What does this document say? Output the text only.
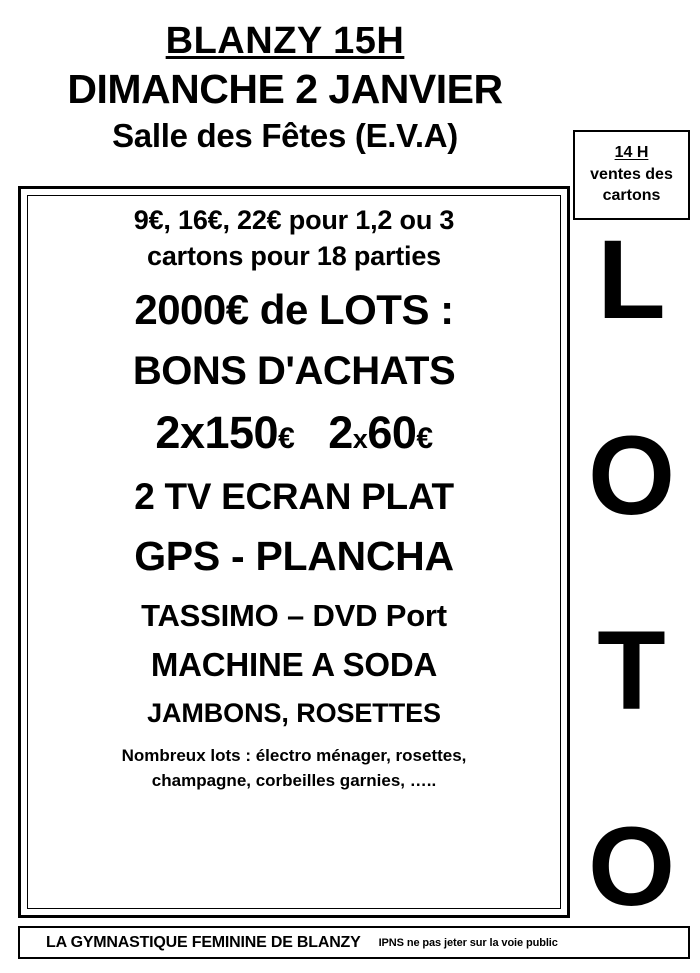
BLANZY 15H
DIMANCHE 2 JANVIER
Salle des Fêtes (E.V.A)	14 H
ventes des
cartons
L
O
T
O
9€, 16€, 22€ pour 1,2 ou 3
cartons pour 18 parties
2000€ de LOTS :
BONS D'ACHATS
2x150€ 2x60€
2 TV ECRAN PLAT
GPS - PLANCHA
TASSIMO – DVD Port
MACHINE A SODA
JAMBONS, ROSETTES
Nombreux lots : électro ménager, rosettes,
champagne, corbeilles garnies, …..
LA GYMNASTIQUE FEMININE DE BLANZY	IPNS ne pas jeter sur la voie public
